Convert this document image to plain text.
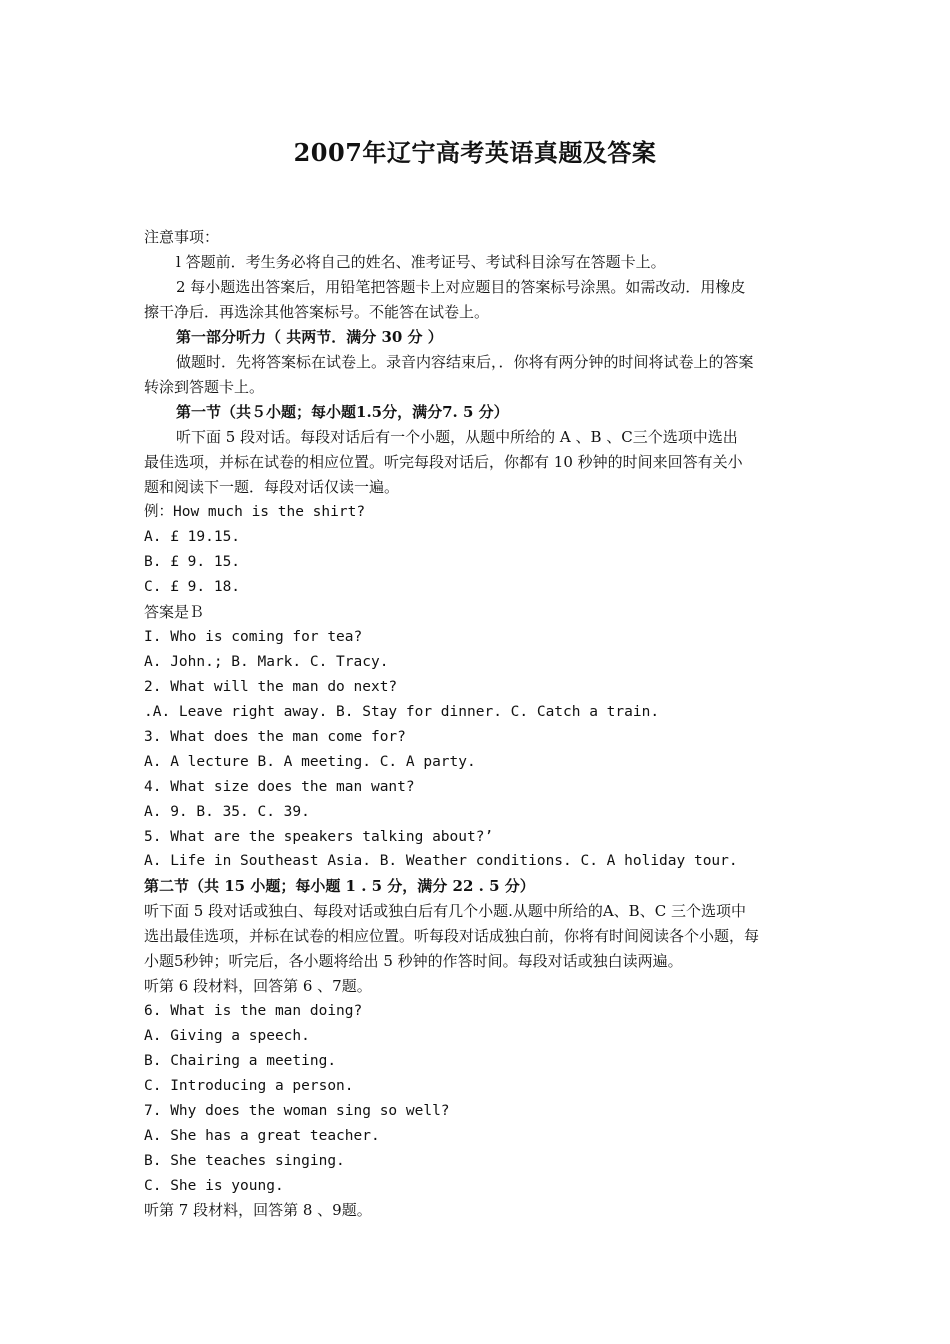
2007年辽宁高考英语真题及答案
注意事项：
l 答题前．考生务必将自己的姓名、准考证号、考试科目涂写在答题卡上。
2 每小题选出答案后，用铅笔把答题卡上对应题目的答案标号涂黑。如需改动．用橡皮
擦干净后．再选涂其他答案标号。不能答在试卷上。
第一部分听力（ 共两节．满分 30 分 ）
做题时．先将答案标在试卷上。录音内容结束后，．你将有两分钟的时间将试卷上的答案
转涂到答题卡上。
第一节（共５小题；每小题1.5分，满分7. 5 分）
听下面 5 段对话。每段对话后有一个小题，从题中所给的 A 、B 、C三个选项中选出
最佳选项，并标在试卷的相应位置。听完每段对话后，你都有 10 秒钟的时间来回答有关小
题和阅读下一题．每段对话仅读一遍。
例：How much is the shirt?
A. £ 19.15.
B. £ 9. 15.
C. £ 9. 18.
答案是Ｂ
I. Who is coming for tea?
A. John.; B. Mark. C. Tracy.
2. What will the man do next?
.A. Leave right away. B. Stay for dinner. C. Catch a train.
3. What does the man come for?
A. A lecture B. A meeting. C. A party.
4. What size does the man want?
A. 9. B. 35. C. 39.
5. What are the speakers talking about?’
A. Life in Southeast Asia. B. Weather conditions. C. A holiday tour.
第二节（共 15 小题；每小题 1 . 5 分，满分 22 . 5 分）
听下面 5 段对话或独白、每段对话或独白后有几个小题.从题中所给的A、B、C 三个选项中
选出最佳选项，并标在试卷的相应位置。听每段对话成独白前，你将有时间阅读各个小题，每
小题5秒钟；听完后，各小题将给出 5 秒钟的作答时间。每段对话或独白读两遍。
听第 6 段材料，回答第 6 、7题。
6. What is the man doing?
A. Giving a speech.
B. Chairing a meeting.
C. Introducing a person.
7. Why does the woman sing so well?
A. She has a great teacher.
B. She teaches singing.
C. She is young.
听第 7 段材料，回答第 8 、9题。
